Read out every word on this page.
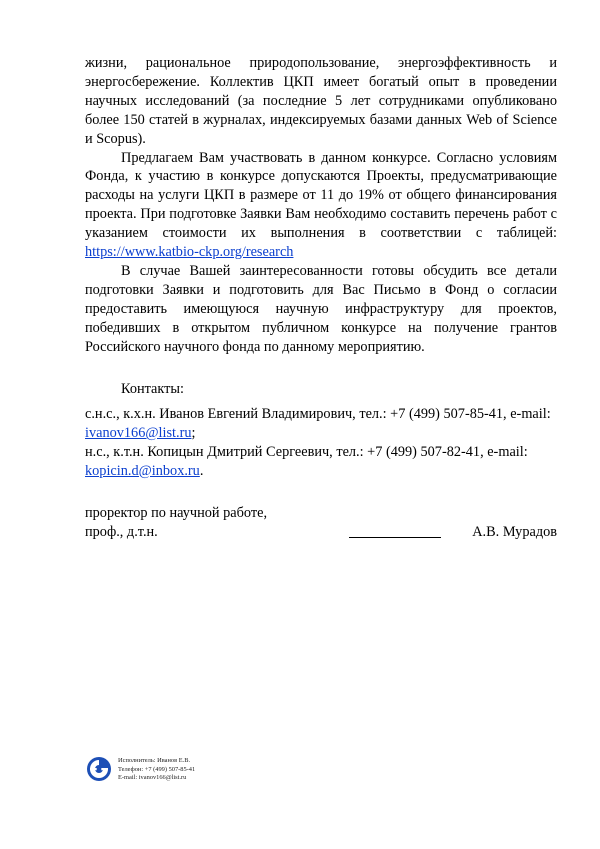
жизни, рациональное природопользование, энергоэффективность и энергосбережение. Коллектив ЦКП имеет богатый опыт в проведении научных исследований (за последние 5 лет сотрудниками опубликовано более 150 статей в журналах, индексируемых базами данных Web of Science и Scopus).

Предлагаем Вам участвовать в данном конкурсе. Согласно условиям Фонда, к участию в конкурсе допускаются Проекты, предусматривающие расходы на услуги ЦКП в размере от 11 до 19% от общего финансирования проекта. При подготовке Заявки Вам необходимо составить перечень работ с указанием стоимости их выполнения в соответствии с таблицей: https://www.katbio-ckp.org/research

В случае Вашей заинтересованности готовы обсудить все детали подготовки Заявки и подготовить для Вас Письмо в Фонд о согласии предоставить имеющуюся научную инфраструктуру для проектов, победивших в открытом публичном конкурсе на получение грантов Российского научного фонда по данному мероприятию.

Контакты:

с.н.с., к.х.н. Иванов Евгений Владимирович, тел.: +7 (499) 507-85-41, e-mail: ivanov166@list.ru;

н.с., к.т.н. Копицын Дмитрий Сергеевич, тел.: +7 (499) 507-82-41, e-mail: kopicin.d@inbox.ru.

проректор по научной работе,
проф., д.т.н.	А.В. Мурадов
Исполнитель: Иванов Е.В.
Телефон: +7 (499) 507-85-41
E-mail: ivanov166@list.ru
